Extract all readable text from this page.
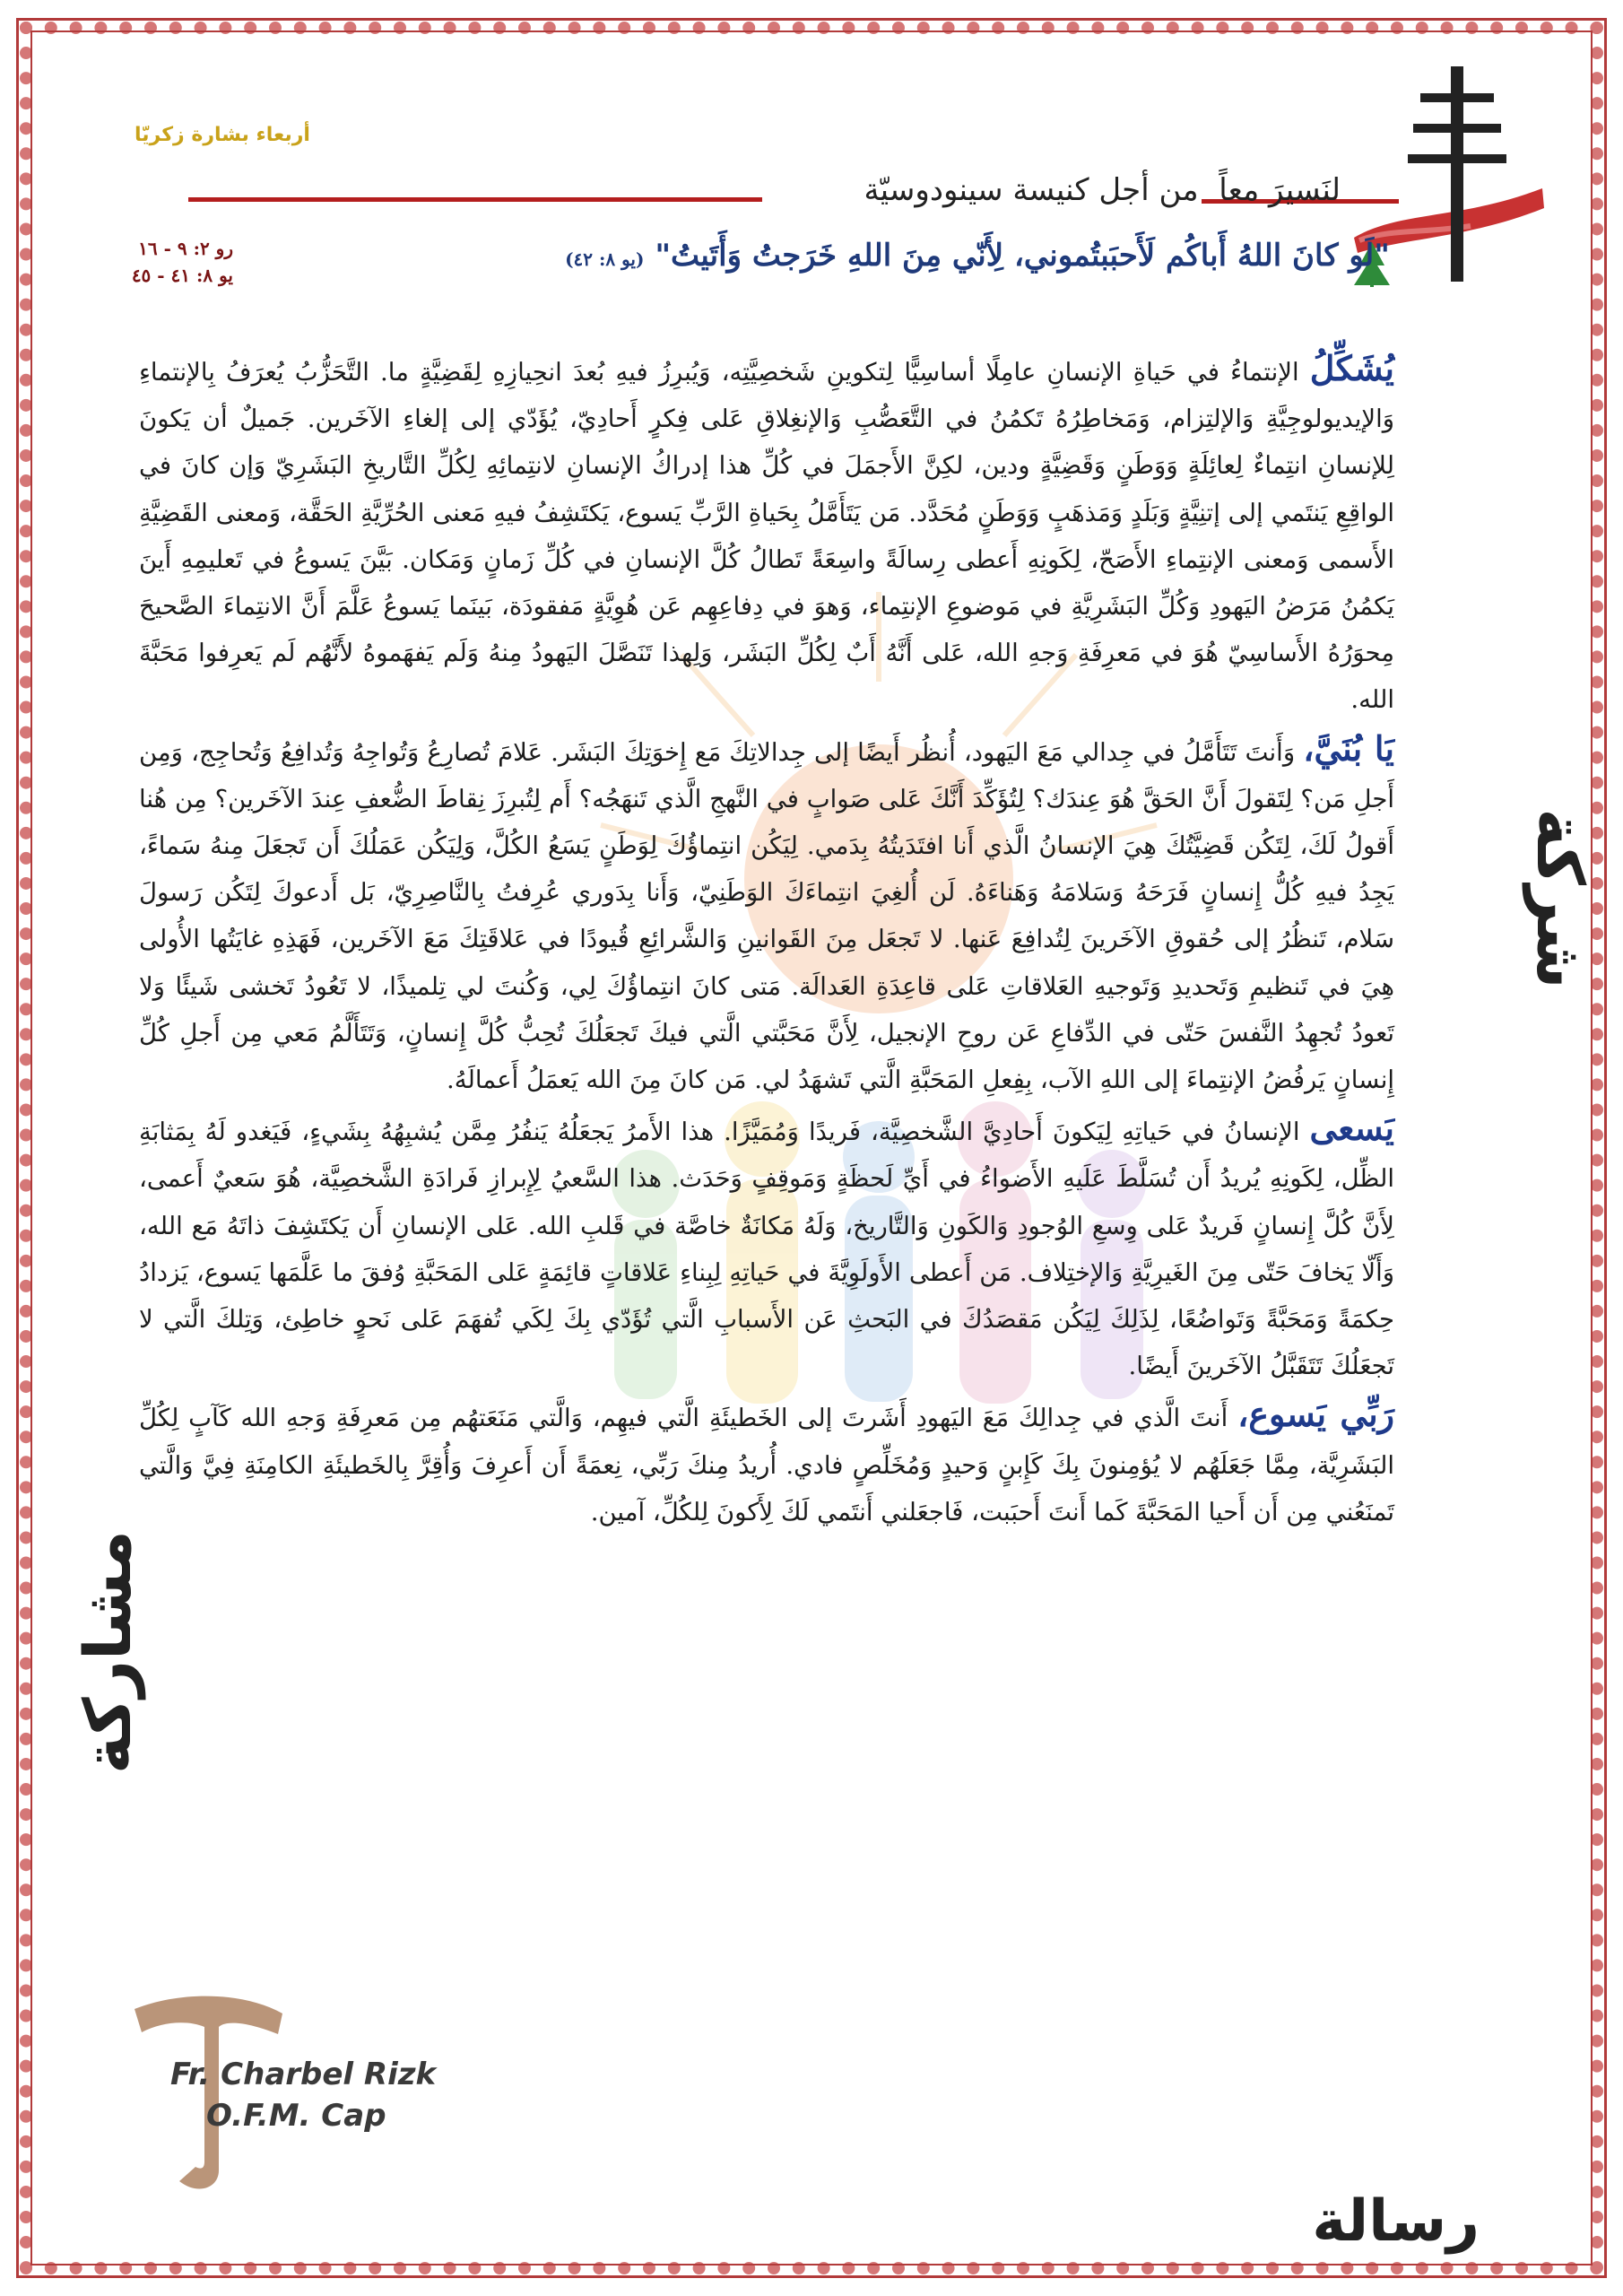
أربعاء بشارة زكريّا
من أجل كنيسة سينودوسيّة لنَسيرَ معاً
رو ٢: ٩ - ١٦
يو ٨: ٤١ - ٤٥
"لَو كانَ اللهُ أَباكُم لَأَحبَبتُموني، لِأَنّي مِنَ اللهِ خَرَجتُ وَأَتَيتُ" (يو ٨: ٤٢)

يُشَكِّلُ الإنتماءُ في حَياةِ الإنسانِ عامِلًا أساسِيًّا لِتكوينِ شَخصِيَّتِه، وَيُبرِزُ فيهِ بُعدَ انحِيازِهِ لِقَضِيَّةٍ ما. التَّحَزُّبُ يُعرَفُ بِالإنتماءِ وَالإيديولوجِيَّةِ وَالإلتِزام، وَمَخاطِرُهُ تَكمُنُ في التَّعَصُّبِ وَالإنغِلاقِ عَلى فِكرٍ أَحادِيّ، يُؤَدّي إلى إلغاءِ الآخَرين. جَميلٌ أن يَكونَ لِلإنسانِ انتِماءٌ لِعائِلَةٍ وَوَطَنٍ وَقَضِيَّةٍ ودين، لكِنَّ الأَجمَلَ في كُلِّ هذا إدراكُ الإنسانِ لانتِمائِهِ لِكُلِّ التَّاريخِ البَشَرِيّ وَإن كانَ في الواقِعِ يَنتَمي إلى إتنِيَّةٍ وَبَلَدٍ وَمَذهَبٍ وَوَطَنٍ مُحَدَّد. مَن يَتَأَمَّلُ بِحَياةِ الرَّبِّ يَسوع، يَكتَشِفُ فيهِ مَعنى الحُرِّيَّةِ الحَقَّة، وَمعنى القَضِيَّةِ الأَسمى وَمعنى الإنتِماءِ الأَصَحّ، لِكَونِهِ أَعطى رِسالَةً واسِعَةً تَطالُ كُلَّ الإنسانِ في كُلِّ زَمانٍ وَمَكان. بَيَّنَ يَسوعُ في تَعليمِهِ أَينَ يَكمُنُ مَرَضُ اليَهودِ وَكُلِّ البَشَرِيَّةِ في مَوضوعِ الإنتِماء، وَهوَ في دِفاعِهِم عَن هُوِيَّةٍ مَفقودَة، بَينَما يَسوعُ عَلَّمَ أَنَّ الانتِماءَ الصَّحيحَ مِحوَرُهُ الأَساسِيّ هُوَ في مَعرِفَةِ وَجهِ الله، عَلى أَنَّهُ أَبٌ لِكُلِّ البَشَر، وَلِهذا تَنَصَّلَ اليَهودُ مِنهُ وَلَم يَفهَموهُ لأَنَّهُم لَم يَعرِفوا مَحَبَّةَ الله.

يَا بُنَيَّ، وَأَنتَ تَتَأَمَّلُ في جِدالي مَعَ اليَهود، أُنظُر أَيضًا إلى جِدالاتِكَ مَع إِخوَتِكَ البَشَر. عَلامَ تُصارِعُ وَتُواجِهُ وَتُدافِعُ وَتُحاجِج، وَمِن أَجلِ مَن؟ لِتَقولَ أَنَّ الحَقَّ هُوَ عِندَك؟ لِتُؤَكِّدَ أَنَّكَ عَلى صَوابٍ في النَّهجِ الَّذي تَنهَجُه؟ أَم لِتُبرِزَ نِقاطَ الضُّعفِ عِندَ الآخَرين؟ مِن هُنا أَقولُ لَكَ، لِتَكُن قَضِيَّتُكَ هِيَ الإنسانُ الَّذي أَنا افتَدَيتُهُ بِدَمي. لِيَكُن انتِماؤُكَ لِوَطَنٍ يَسَعُ الكُلَّ، وَلِيَكُن عَمَلُكَ أَن تَجعَلَ مِنهُ سَماءً، يَجِدُ فيهِ كُلُّ إِنسانٍ فَرَحَهُ وَسَلامَهُ وَهَناءَهُ. لَن أُلغِيَ انتِماءَكَ الوَطَنِيّ، وَأَنا بِدَوري عُرِفتُ بِالنَّاصِرِيّ، بَل أَدعوكَ لِتَكُن رَسولَ سَلام، تَنظُرُ إلى حُقوقِ الآخَرينَ لِتُدافِعَ عَنها. لا تَجعَل مِنَ القَوانينِ وَالشَّرائِعِ قُيودًا في عَلاقَتِكَ مَعَ الآخَرين، فَهَذِهِ غايَتُها الأُولى هِيَ في تَنظيمِ وَتَحديدِ وَتَوجيهِ العَلاقاتِ عَلى قاعِدَةِ العَدالَة. مَتى كانَ انتِماؤُكَ لِي، وَكُنتَ لي تِلميذًا، لا تَعُودُ تَخشى شَيئًا وَلا تَعودُ تُجهِدُ النَّفسَ حَتّى في الدِّفاعِ عَن روحِ الإنجيل، لِأَنَّ مَحَبَّتي الَّتي فيكَ تَجعَلُكَ تُحِبُّ كُلَّ إِنسانٍ، وَتَتَأَلَّمُ مَعي مِن أَجلِ كُلِّ إِنسانٍ يَرفُضُ الإنتِماءَ إلى اللهِ الآب، بِفِعلِ المَحَبَّةِ الَّتي تَشهَدُ لي. مَن كانَ مِنَ الله يَعمَلُ أَعمالَهُ.

يَسعى الإنسانُ في حَياتِهِ لِيَكونَ أَحادِيَّ الشَّخصِيَّة، فَريدًا وَمُمَيَّزًا. هذا الأَمرُ يَجعَلُهُ يَنفُرُ مِمَّن يُشبِهُهُ بِشَيءٍ، فَيَغدو لَهُ بِمَثابَةِ الظِّل، لِكَونِهِ يُريدُ أَن تُسَلَّطَ عَلَيهِ الأَضواءُ في أَيِّ لَحظَةٍ وَمَوقِفٍ وَحَدَث. هذا السَّعيُ لِإِبرازِ فَرادَةِ الشَّخصِيَّة، هُوَ سَعيٌ أَعمى، لِأَنَّ كُلَّ إِنسانٍ فَريدٌ عَلى وِسعِ الوُجودِ وَالكَونِ وَالتَّاريخ، وَلَهُ مَكانَةٌ خاصَّة في قَلبِ الله. عَلى الإنسانِ أَن يَكتَشِفَ ذاتَهُ مَع الله، وَأَلّا يَخافَ حَتّى مِنَ الغَيرِيَّةِ وَالإختِلاف. مَن أَعطى الأَولَوِيَّةَ في حَياتِهِ لِبِناءِ عَلاقاتٍ قائِمَةٍ عَلى المَحَبَّةِ وُفقَ ما عَلَّمَها يَسوع، يَزدادُ حِكمَةً وَمَحَبَّةً وَتَواضُعًا، لِذَلِكَ لِيَكُن مَقصَدُكَ في البَحثِ عَن الأَسبابِ الَّتي تُؤَدّي بِكَ لِكَي تُفهَمَ عَلى نَحوٍ خاطِئ، وَتِلكَ الَّتي لا تَجعَلُكَ تَتَقَبَّلُ الآخَرينَ أَيضًا.

رَبِّي يَسوع، أَنتَ الَّذي في جِدالِكَ مَعَ اليَهودِ أَشَرتَ إلى الخَطيئَةِ الَّتي فيهِم، وَالَّتي مَنَعَتهُم مِن مَعرِفَةِ وَجهِ الله كَآبٍ لِكُلِّ البَشَرِيَّة، مِمَّا جَعَلَهُم لا يُؤمِنونَ بِكَ كَإِبنٍ وَحيدٍ وَمُخَلِّصٍ فادي. أُريدُ مِنكَ رَبِّي، نِعمَةً أَن أَعرِفَ وَأُقِرَّ بِالخَطيئَةِ الكامِنَةِ فِيَّ وَالَّتي تَمنَعُني مِن أَن أَحيا المَحَبَّةَ كَما أَنتَ أَحبَبت، فَاجعَلني أَنتَمي لَكَ لِأَكونَ لِلكُلِّ، آمين.

شركة
مشاركة
رسالة
Fr. Charbel Rizk
O.F.M. Cap
